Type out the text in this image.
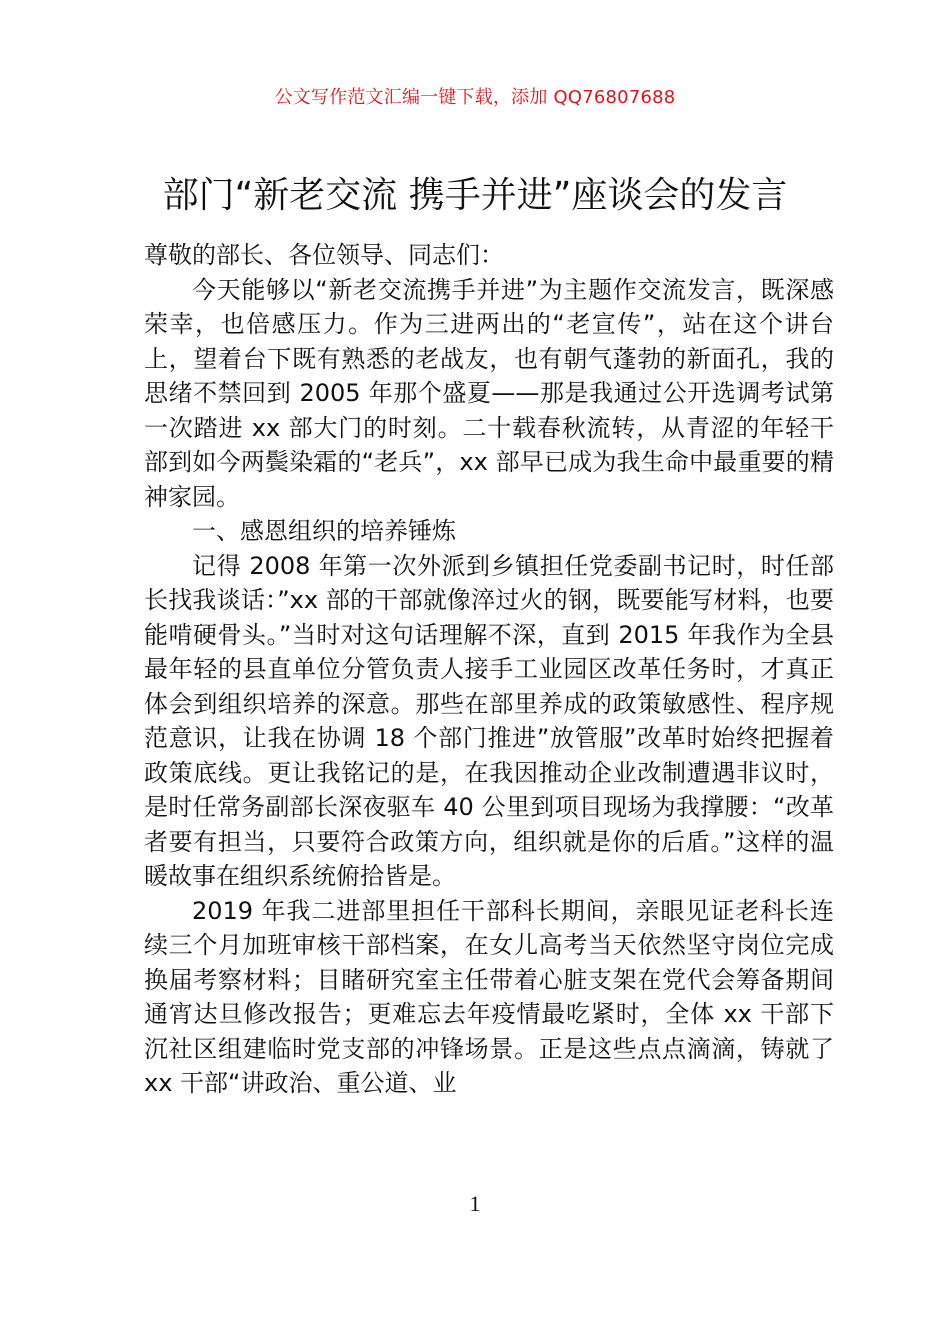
公文写作范文汇编一键下载，添加 QQ76807688
部门“新老交流 携手并进”座谈会的发言

尊敬的部长、各位领导、同志们：

今天能够以“新老交流携手并进”为主题作交流发言，既深感荣幸，也倍感压力。作为三进两出的“老宣传”，站在这个讲台上，望着台下既有熟悉的老战友，也有朝气蓬勃的新面孔，我的思绪不禁回到 2005 年那个盛夏——那是我通过公开选调考试第一次踏进 xx 部大门的时刻。二十载春秋流转，从青涩的年轻干部到如今两鬓染霜的“老兵”，xx 部早已成为我生命中最重要的精神家园。

一、感恩组织的培养锤炼

记得 2008 年第一次外派到乡镇担任党委副书记时，时任部长找我谈话：”xx 部的干部就像淬过火的钢，既要能写材料，也要能啃硬骨头。”当时对这句话理解不深，直到 2015 年我作为全县最年轻的县直单位分管负责人接手工业园区改革任务时，才真正体会到组织培养的深意。那些在部里养成的政策敏感性、程序规范意识，让我在协调 18 个部门推进”放管服”改革时始终把握着政策底线。更让我铭记的是，在我因推动企业改制遭遇非议时，是时任常务副部长深夜驱车 40 公里到项目现场为我撑腰：“改革者要有担当，只要符合政策方向，组织就是你的后盾。”这样的温暖故事在组织系统俯拾皆是。

2019 年我二进部里担任干部科长期间，亲眼见证老科长连续三个月加班审核干部档案，在女儿高考当天依然坚守岗位完成换届考察材料；目睹研究室主任带着心脏支架在党代会筹备期间通宵达旦修改报告；更难忘去年疫情最吃紧时，全体 xx 干部下沉社区组建临时党支部的冲锋场景。正是这些点点滴滴，铸就了 xx 干部“讲政治、重公道、业

1
